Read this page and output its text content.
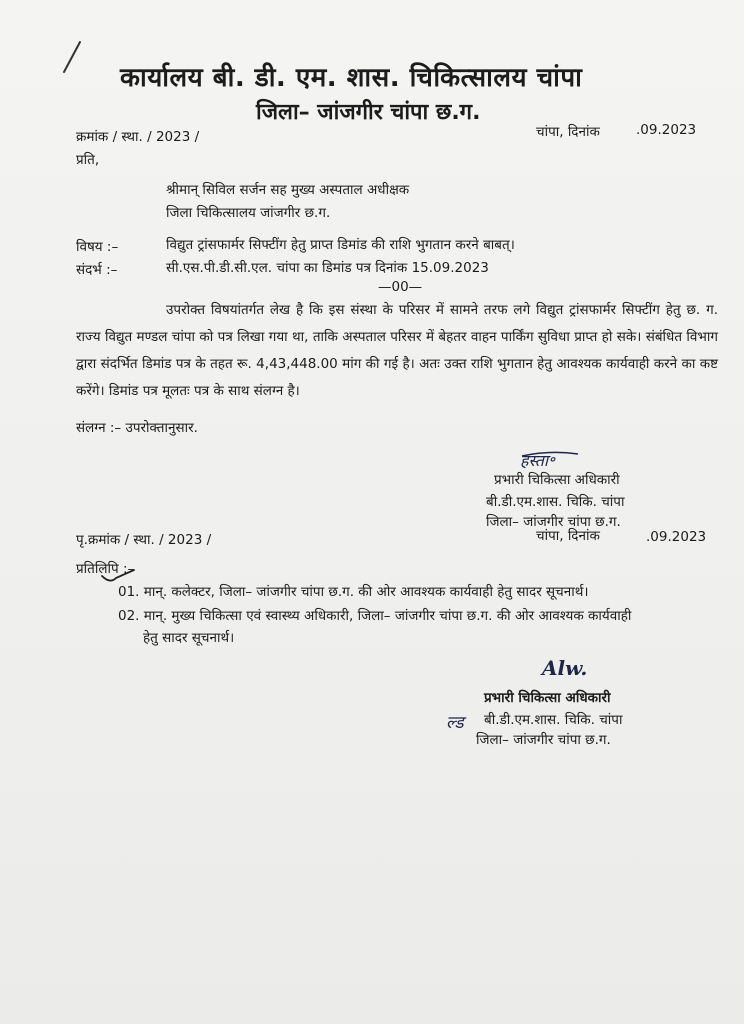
कार्यालय बी. डी. एम. शास. चिकित्सालय चांपा
जिला– जांजगीर चांपा छ.ग.
क्रमांक / स्था. / 2023 /	चांपा, दिनांक	.09.2023
प्रति,
श्रीमान् सिविल सर्जन सह मुख्य अस्पताल अधीक्षक
जिला चिकित्सालय जांजगीर छ.ग.
विषय :–	विद्युत ट्रांसफार्मर सिफ्टींग हेतु प्राप्त डिमांड की राशि भुगतान करने बाबत्।
संदर्भ :–	सी.एस.पी.डी.सी.एल. चांपा का डिमांड पत्र दिनांक 15.09.2023
—00—
उपरोक्त विषयांतर्गत लेख है कि इस संस्था के परिसर में सामने तरफ लगे विद्युत ट्रांसफार्मर सिफ्टींग हेतु छ. ग. राज्य विद्युत मण्डल चांपा को पत्र लिखा गया था, ताकि अस्पताल परिसर में बेहतर वाहन पार्किंग सुविधा प्राप्त हो सके। संबंधित विभाग द्वारा संदर्भित डिमांड पत्र के तहत रू. 4,43,448.00 मांग की गई है। अतः उक्त राशि भुगतान हेतु आवश्यक कार्यवाही करने का कष्ट करेंगे। डिमांड पत्र मूलतः पत्र के साथ संलग्न है।
संलग्न :– उपरोक्तानुसार.
हस्ता॰
प्रभारी चिकित्सा अधिकारी
बी.डी.एम.शास. चिकि. चांपा
जिला– जांजगीर चांपा छ.ग.
पृ.क्रमांक / स्था. / 2023 /	चांपा, दिनांक	.09.2023
प्रतिलिपि :–
01. मान्. कलेक्टर, जिला– जांजगीर चांपा छ.ग. की ओर आवश्यक कार्यवाही हेतु सादर सूचनार्थ।
02. मान्. मुख्य चिकित्सा एवं स्वास्थ्य अधिकारी, जिला– जांजगीर चांपा छ.ग. की ओर आवश्यक कार्यवाही
हेतु सादर सूचनार्थ।
Alw.
प्रभारी चिकित्सा अधिकारी
ल्ड बी.डी.एम.शास. चिकि. चांपा
जिला– जांजगीर चांपा छ.ग.
